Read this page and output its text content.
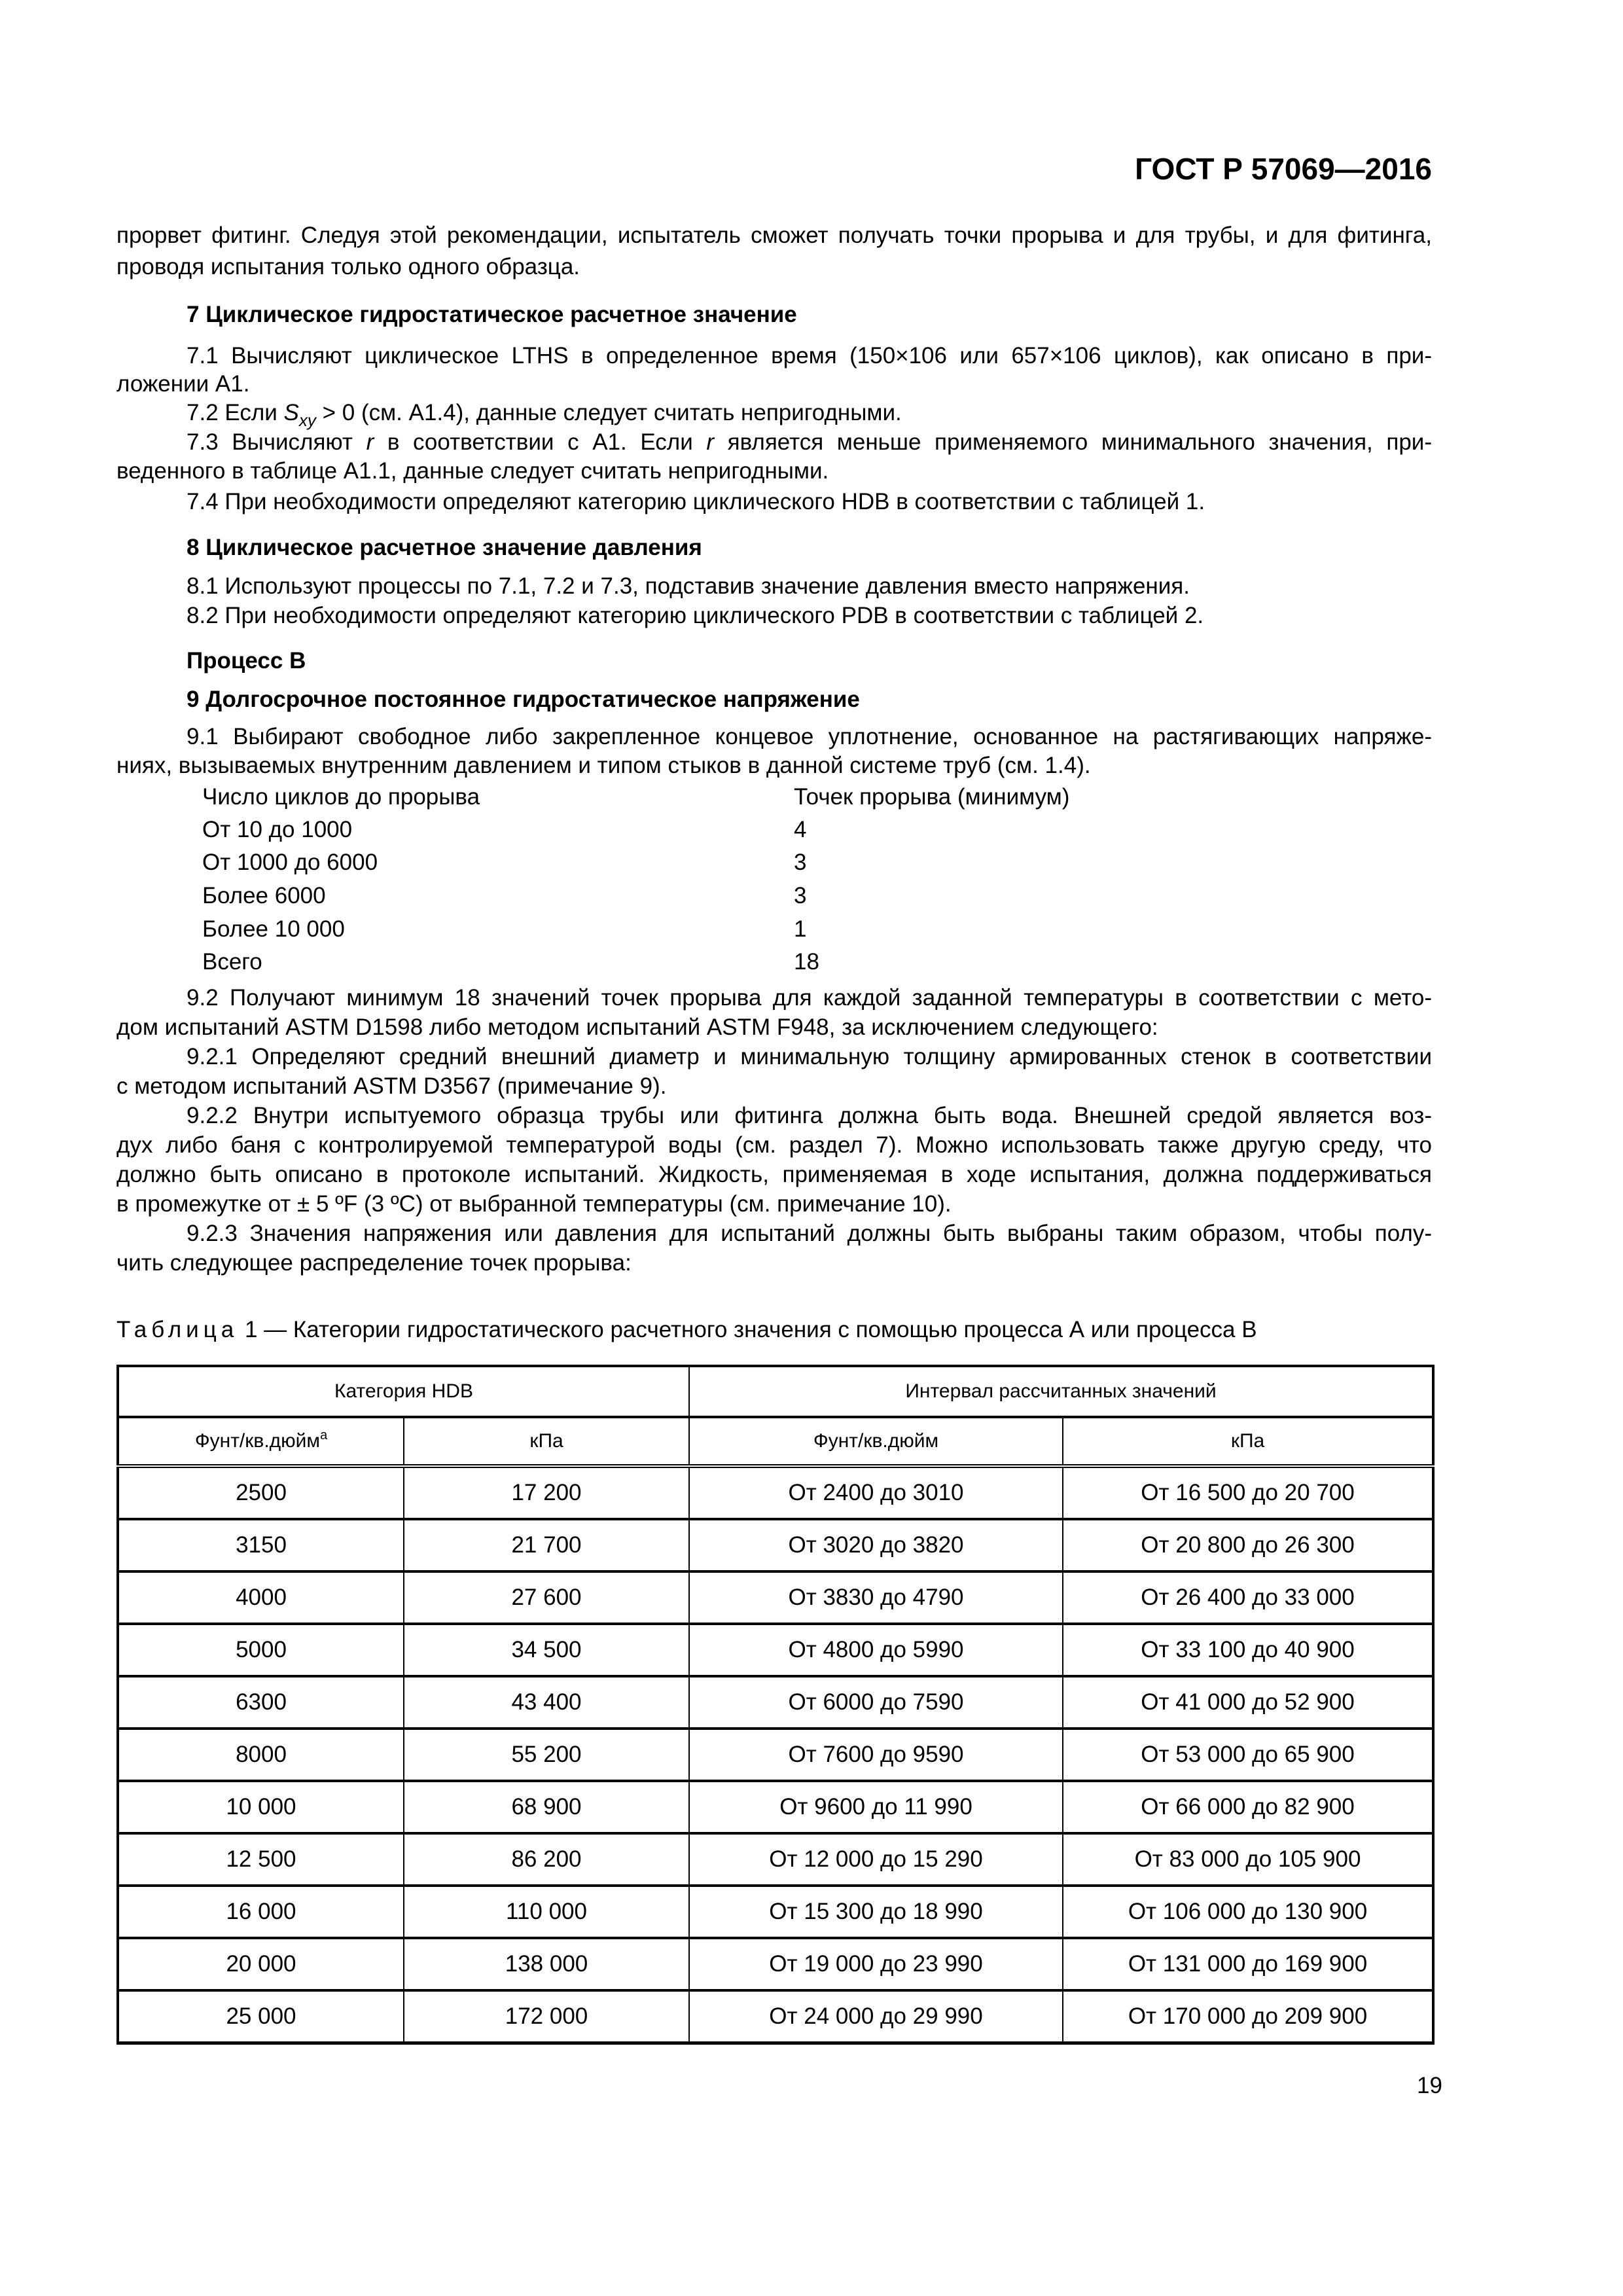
ГОСТ Р 57069—2016
прорвет фитинг. Следуя этой рекомендации, испытатель сможет получать точки прорыва и для трубы, и для фитинга,
проводя испытания только одного образца.
7 Циклическое гидростатическое расчетное значение
7.1 Вычисляют циклическое LTHS в определенное время (150×106 или 657×106 циклов), как описано в при-
ложении А1.
7.2 Если $S_{xy} > 0$ (см. А1.4), данные следует считать непригодными.
7.3 Вычисляют r в соответствии с А1. Если r является меньше применяемого минимального значения, при-
веденного в таблице А1.1, данные следует считать непригодными.
7.4 При необходимости определяют категорию циклического HDB в соответствии с таблицей 1.
8 Циклическое расчетное значение давления
8.1 Используют процессы по 7.1, 7.2 и 7.3, подставив значение давления вместо напряжения.
8.2 При необходимости определяют категорию циклического PDB в соответствии с таблицей 2.
Процесс В
9 Долгосрочное постоянное гидростатическое напряжение
9.1 Выбирают свободное либо закрепленное концевое уплотнение, основанное на растягивающих напряже-
ниях, вызываемых внутренним давлением и типом стыков в данной системе труб (см. 1.4).
Число циклов до прорыва	Точек прорыва (минимум)
От 10 до 1000	4
От 1000 до 6000	3
Более 6000	3
Более 10 000	1
Всего	18
9.2 Получают минимум 18 значений точек прорыва для каждой заданной температуры в соответствии с мето-
дом испытаний ASTM D1598 либо методом испытаний ASTM F948, за исключением следующего:
9.2.1 Определяют средний внешний диаметр и минимальную толщину армированных стенок в соответствии
с методом испытаний ASTM D3567 (примечание 9).
9.2.2 Внутри испытуемого образца трубы или фитинга должна быть вода. Внешней средой является воз-
дух либо баня с контролируемой температурой воды (см. раздел 7). Можно использовать также другую среду, что
должно быть описано в протоколе испытаний. Жидкость, применяемая в ходе испытания, должна поддерживаться
в промежутке от ± 5 ºF (3 ºС) от выбранной температуры (см. примечание 10).
9.2.3 Значения напряжения или давления для испытаний должны быть выбраны таким образом, чтобы полу-
чить следующее распределение точек прорыва:
Таблица 1 — Категории гидростатического расчетного значения с помощью процесса А или процесса В
Категория HDB		Интервал рассчитанных значений	
Фунт/кв.дюйм$^a$	кПа	Фунт/кв.дюйм	кПа
2500	17 200	От 2400 до 3010	От 16 500 до 20 700
3150	21 700	От 3020 до 3820	От 20 800 до 26 300
4000	27 600	От 3830 до 4790	От 26 400 до 33 000
5000	34 500	От 4800 до 5990	От 33 100 до 40 900
6300	43 400	От 6000 до 7590	От 41 000 до 52 900
8000	55 200	От 7600 до 9590	От 53 000 до 65 900
10 000	68 900	От 9600 до 11 990	От 66 000 до 82 900
12 500	86 200	От 12 000 до 15 290	От 83 000 до 105 900
16 000	110 000	От 15 300 до 18 990	От 106 000 до 130 900
20 000	138 000	От 19 000 до 23 990	От 131 000 до 169 900
25 000	172 000	От 24 000 до 29 990	От 170 000 до 209 900
19
